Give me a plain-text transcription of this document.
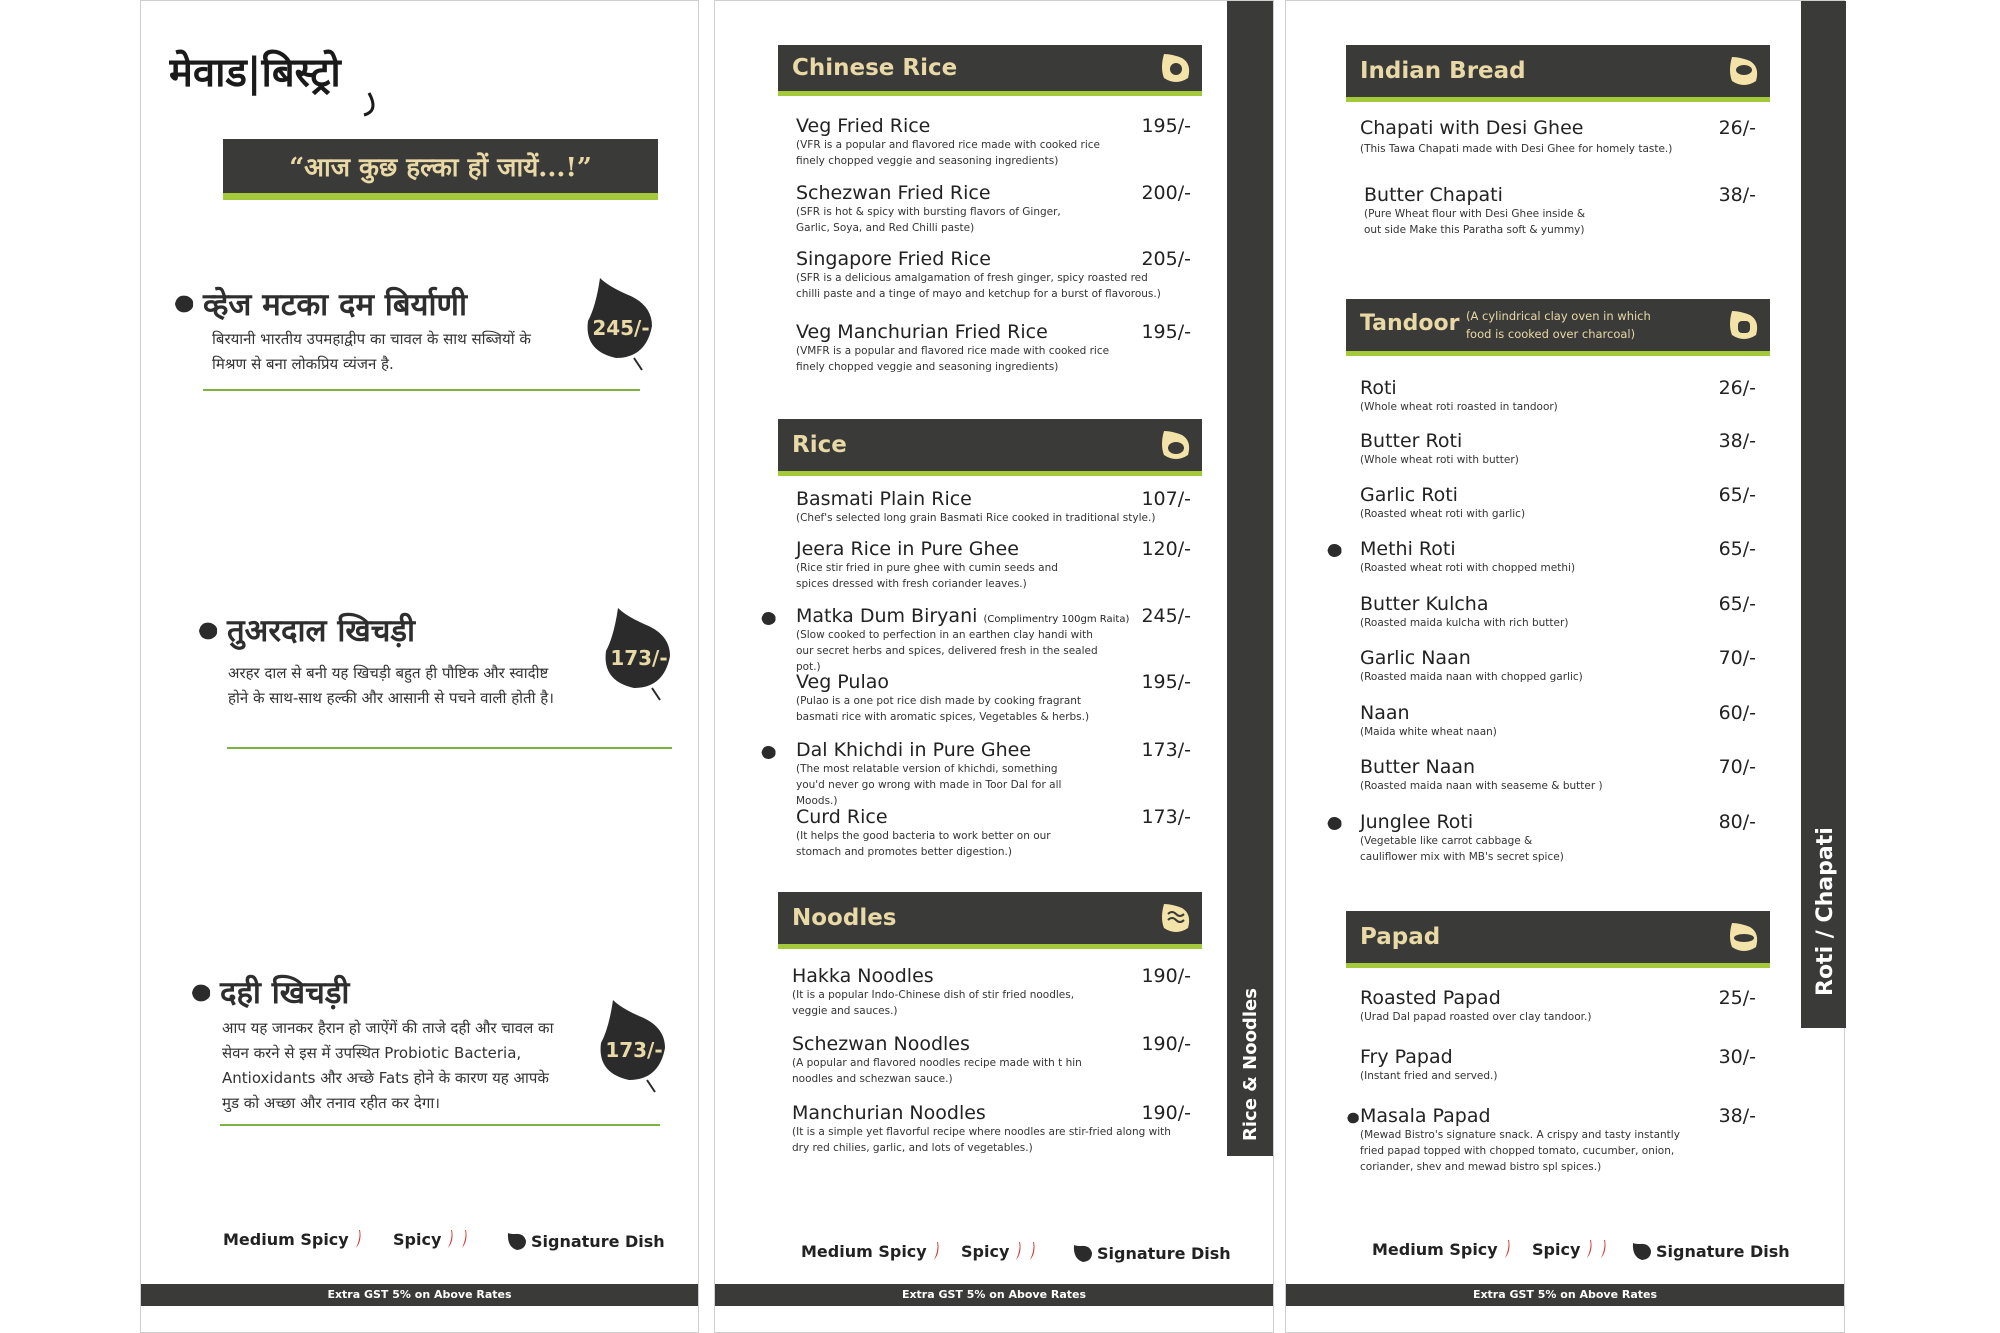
मेवाड|बिस्ट्रो
“आज कुछ हल्का हों जायें...!”
व्हेज मटका दम बिर्याणी
बिरयानी भारतीय उपमहाद्वीप का चावल के साथ सब्जियों के मिश्रण से बना लोकप्रिय व्यंजन है.
245/-
तुअरदाल खिचड़ी
अरहर दाल से बनी यह खिचड़ी बहुत ही पौष्टिक और स्वादीष्ट होने के साथ-साथ हल्की और आसानी से पचने वाली होती है।
173/-
दही खिचड़ी
आप यह जानकर हैरान हो जाऐंगें की ताजे दही और चावल का सेवन करने से इस में उपस्थित Probiotic Bacteria, Antioxidants और अच्छे Fats होने के कारण यह आपके मुड को अच्छा और तनाव रहीत कर देगा।
173/-
Medium Spicy	Spicy	Signature Dish
Extra GST 5% on Above Rates
Rice & Noodles
Chinese Rice
Veg Fried Rice
(VFR is a popular and flavored rice made with cooked rice finely chopped veggie and seasoning ingredients)
195/-
Schezwan Fried Rice
(SFR is hot & spicy with bursting flavors of Ginger, Garlic, Soya, and Red Chilli paste)
200/-
Singapore Fried Rice
(SFR is a delicious amalgamation of fresh ginger, spicy roasted red chilli paste and a tinge of mayo and ketchup for a burst of flavorous.)
205/-
Veg Manchurian Fried Rice
(VMFR is a popular and flavored rice made with cooked rice finely chopped veggie and seasoning ingredients)
195/-
Rice
Basmati Plain Rice
(Chef's selected long grain Basmati Rice cooked in traditional style.)
107/-
Jeera Rice in Pure Ghee
(Rice stir fried in pure ghee with cumin seeds and spices dressed with fresh coriander leaves.)
120/-
Matka Dum Biryani (Complimentry 100gm Raita)
(Slow cooked to perfection in an earthen clay handi with our secret herbs and spices, delivered fresh in the sealed pot.)
245/-
Veg Pulao
(Pulao is a one pot rice dish made by cooking fragrant basmati rice with aromatic spices, Vegetables & herbs.)
195/-
Dal Khichdi in Pure Ghee
(The most relatable version of khichdi, something you'd never go wrong with made in Toor Dal for all Moods.)
173/-
Curd Rice
(It helps the good bacteria to work better on our stomach and promotes better digestion.)
173/-
Noodles
Hakka Noodles
(It is a popular Indo-Chinese dish of stir fried noodles, veggie and sauces.)
190/-
Schezwan Noodles
(A popular and flavored noodles recipe made with t hin noodles and schezwan sauce.)
190/-
Manchurian Noodles
(It is a simple yet flavorful recipe where noodles are stir-fried along with dry red chilies, garlic, and lots of vegetables.)
190/-
Medium Spicy Spicy	Signature Dish
Extra GST 5% on Above Rates
Roti / Chapati
Indian Bread
Chapati with Desi Ghee
(This Tawa Chapati made with Desi Ghee for homely taste.)
26/-
Butter Chapati
(Pure Wheat flour with Desi Ghee inside & out side Make this Paratha soft & yummy)
38/-
Tandoor (A cylindrical clay oven in which food is cooked over charcoal)
Roti
(Whole wheat roti roasted in tandoor)
26/-
Butter Roti
(Whole wheat roti with butter)
38/-
Garlic Roti
(Roasted wheat roti with garlic)
65/-
Methi Roti
(Roasted wheat roti with chopped methi)
65/-
Butter Kulcha
(Roasted maida kulcha with rich butter)
65/-
Garlic Naan
(Roasted maida naan with chopped garlic)
70/-
Naan
(Maida white wheat naan)
60/-
Butter Naan
(Roasted maida naan with seaseme & butter )
70/-
Junglee Roti
(Vegetable like carrot cabbage & cauliflower mix with MB's secret spice)
80/-
Papad
Roasted Papad
(Urad Dal papad roasted over clay tandoor.)
25/-
Fry Papad
(Instant fried and served.)
30/-
Masala Papad
(Mewad Bistro's signature snack. A crispy and tasty instantly fried papad topped with chopped tomato, cucumber, onion, coriander, shev and mewad bistro spl spices.)
38/-
Medium Spicy Spicy	Signature Dish
Extra GST 5% on Above Rates
